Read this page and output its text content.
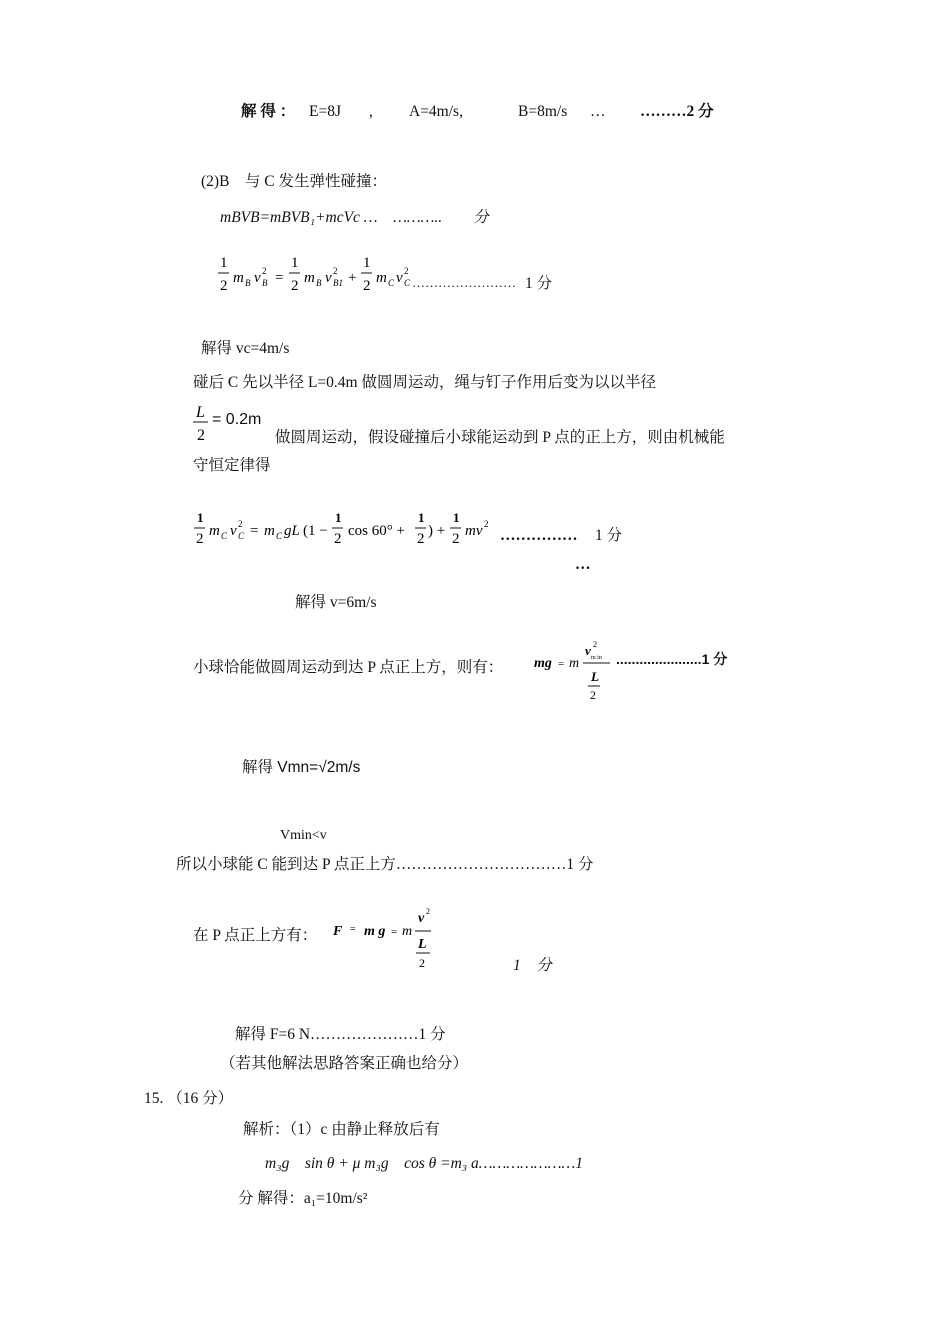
解 得 ： E=8J , A=4m/s,	B=8m/s … ………2 分
(2)B　与 C 发生弹性碰撞：
mBVB=mBVB₁+mcVc …　………..　　分
1
2 m B v 2
B =
1
2 m B v 2
B1 +
1
2 m C v 2
C …………………… 1 分
解得 vc=4m/s
碰后 C 先以半径 L=0.4m 做圆周运动，绳与钉子作用后变为以以半径
L
2
= 0.2m
做圆周运动，假设碰撞后小球能运动到 P 点的正上方，则由机械能
守恒定律得
1
2 m C v 2
C = m C gL (1 −
1
2 cos 60° +
1
2 ) +
1
2 mv 2
…………… 1 分
…
解得 v=6m/s
小球恰能做圆周运动到达 P 点正上方，则有： mg = m
v 2
m in
L
2
......................1 分
解得 Vmn=√2m/s
Vmin<v
所以小球能 C 能到达 P 点正上方……………………………1 分
在 P 点正上方有： F = m g = m
v 2
L
2	1　分
解得 F=6 N…………………1 分
（若其他解法思路答案正确也给分）
15. （16 分）
解析：（1）c 由静止释放后有
m₃g　sin θ + μ m₃g　cos θ =m₃ a…………………1
分 解得：a₁=10m/s²
